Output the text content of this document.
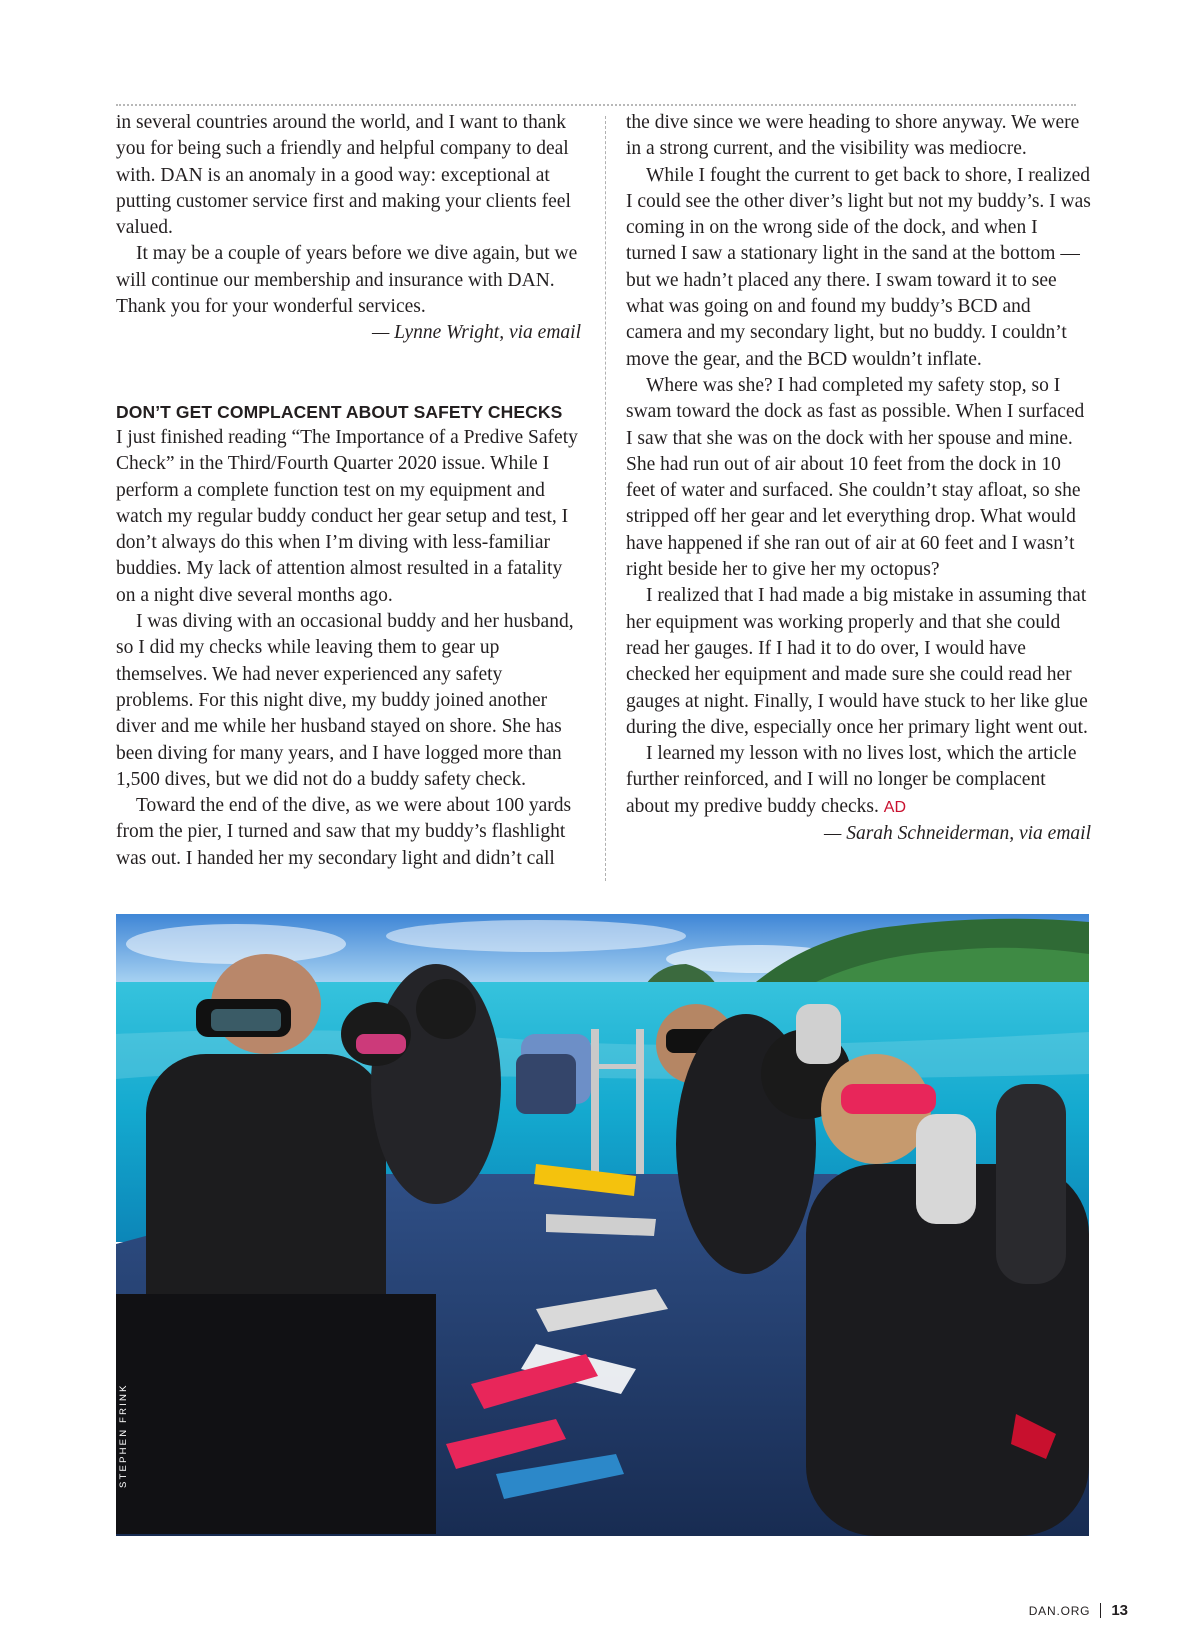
in several countries around the world, and I want to thank you for being such a friendly and helpful company to deal with. DAN is an anomaly in a good way: exceptional at putting customer service first and making your clients feel valued.

It may be a couple of years before we dive again, but we will continue our membership and insurance with DAN. Thank you for your wonderful services.

— Lynne Wright, via email

DON’T GET COMPLACENT ABOUT SAFETY CHECKS

I just finished reading “The Importance of a Predive Safety Check” in the Third/Fourth Quarter 2020 issue. While I perform a complete function test on my equipment and watch my regular buddy conduct her gear setup and test, I don’t always do this when I’m diving with less-familiar buddies. My lack of attention almost resulted in a fatality on a night dive several months ago.

I was diving with an occasional buddy and her husband, so I did my checks while leaving them to gear up themselves. We had never experienced any safety problems. For this night dive, my buddy joined another diver and me while her husband stayed on shore. She has been diving for many years, and I have logged more than 1,500 dives, but we did not do a buddy safety check.

Toward the end of the dive, as we were about 100 yards from the pier, I turned and saw that my buddy’s flashlight was out. I handed her my secondary light and didn’t call

the dive since we were heading to shore anyway. We were in a strong current, and the visibility was mediocre.

While I fought the current to get back to shore, I realized I could see the other diver’s light but not my buddy’s. I was coming in on the wrong side of the dock, and when I turned I saw a stationary light in the sand at the bottom — but we hadn’t placed any there. I swam toward it to see what was going on and found my buddy’s BCD and camera and my secondary light, but no buddy. I couldn’t move the gear, and the BCD wouldn’t inflate.

Where was she? I had completed my safety stop, so I swam toward the dock as fast as possible. When I surfaced I saw that she was on the dock with her spouse and mine. She had run out of air about 10 feet from the dock in 10 feet of water and surfaced. She couldn’t stay afloat, so she stripped off her gear and let everything drop. What would have happened if she ran out of air at 60 feet and I wasn’t right beside her to give her my octopus?

I realized that I had made a big mistake in assuming that her equipment was working properly and that she could read her gauges. If I had it to do over, I would have checked her equipment and made sure she could read her gauges at night. Finally, I would have stuck to her like glue during the dive, especially once her primary light went out.

I learned my lesson with no lives lost, which the article further reinforced, and I will no longer be complacent about my predive buddy checks. AD

— Sarah Schneiderman, via email

STEPHEN FRINK
DAN.ORG 13
